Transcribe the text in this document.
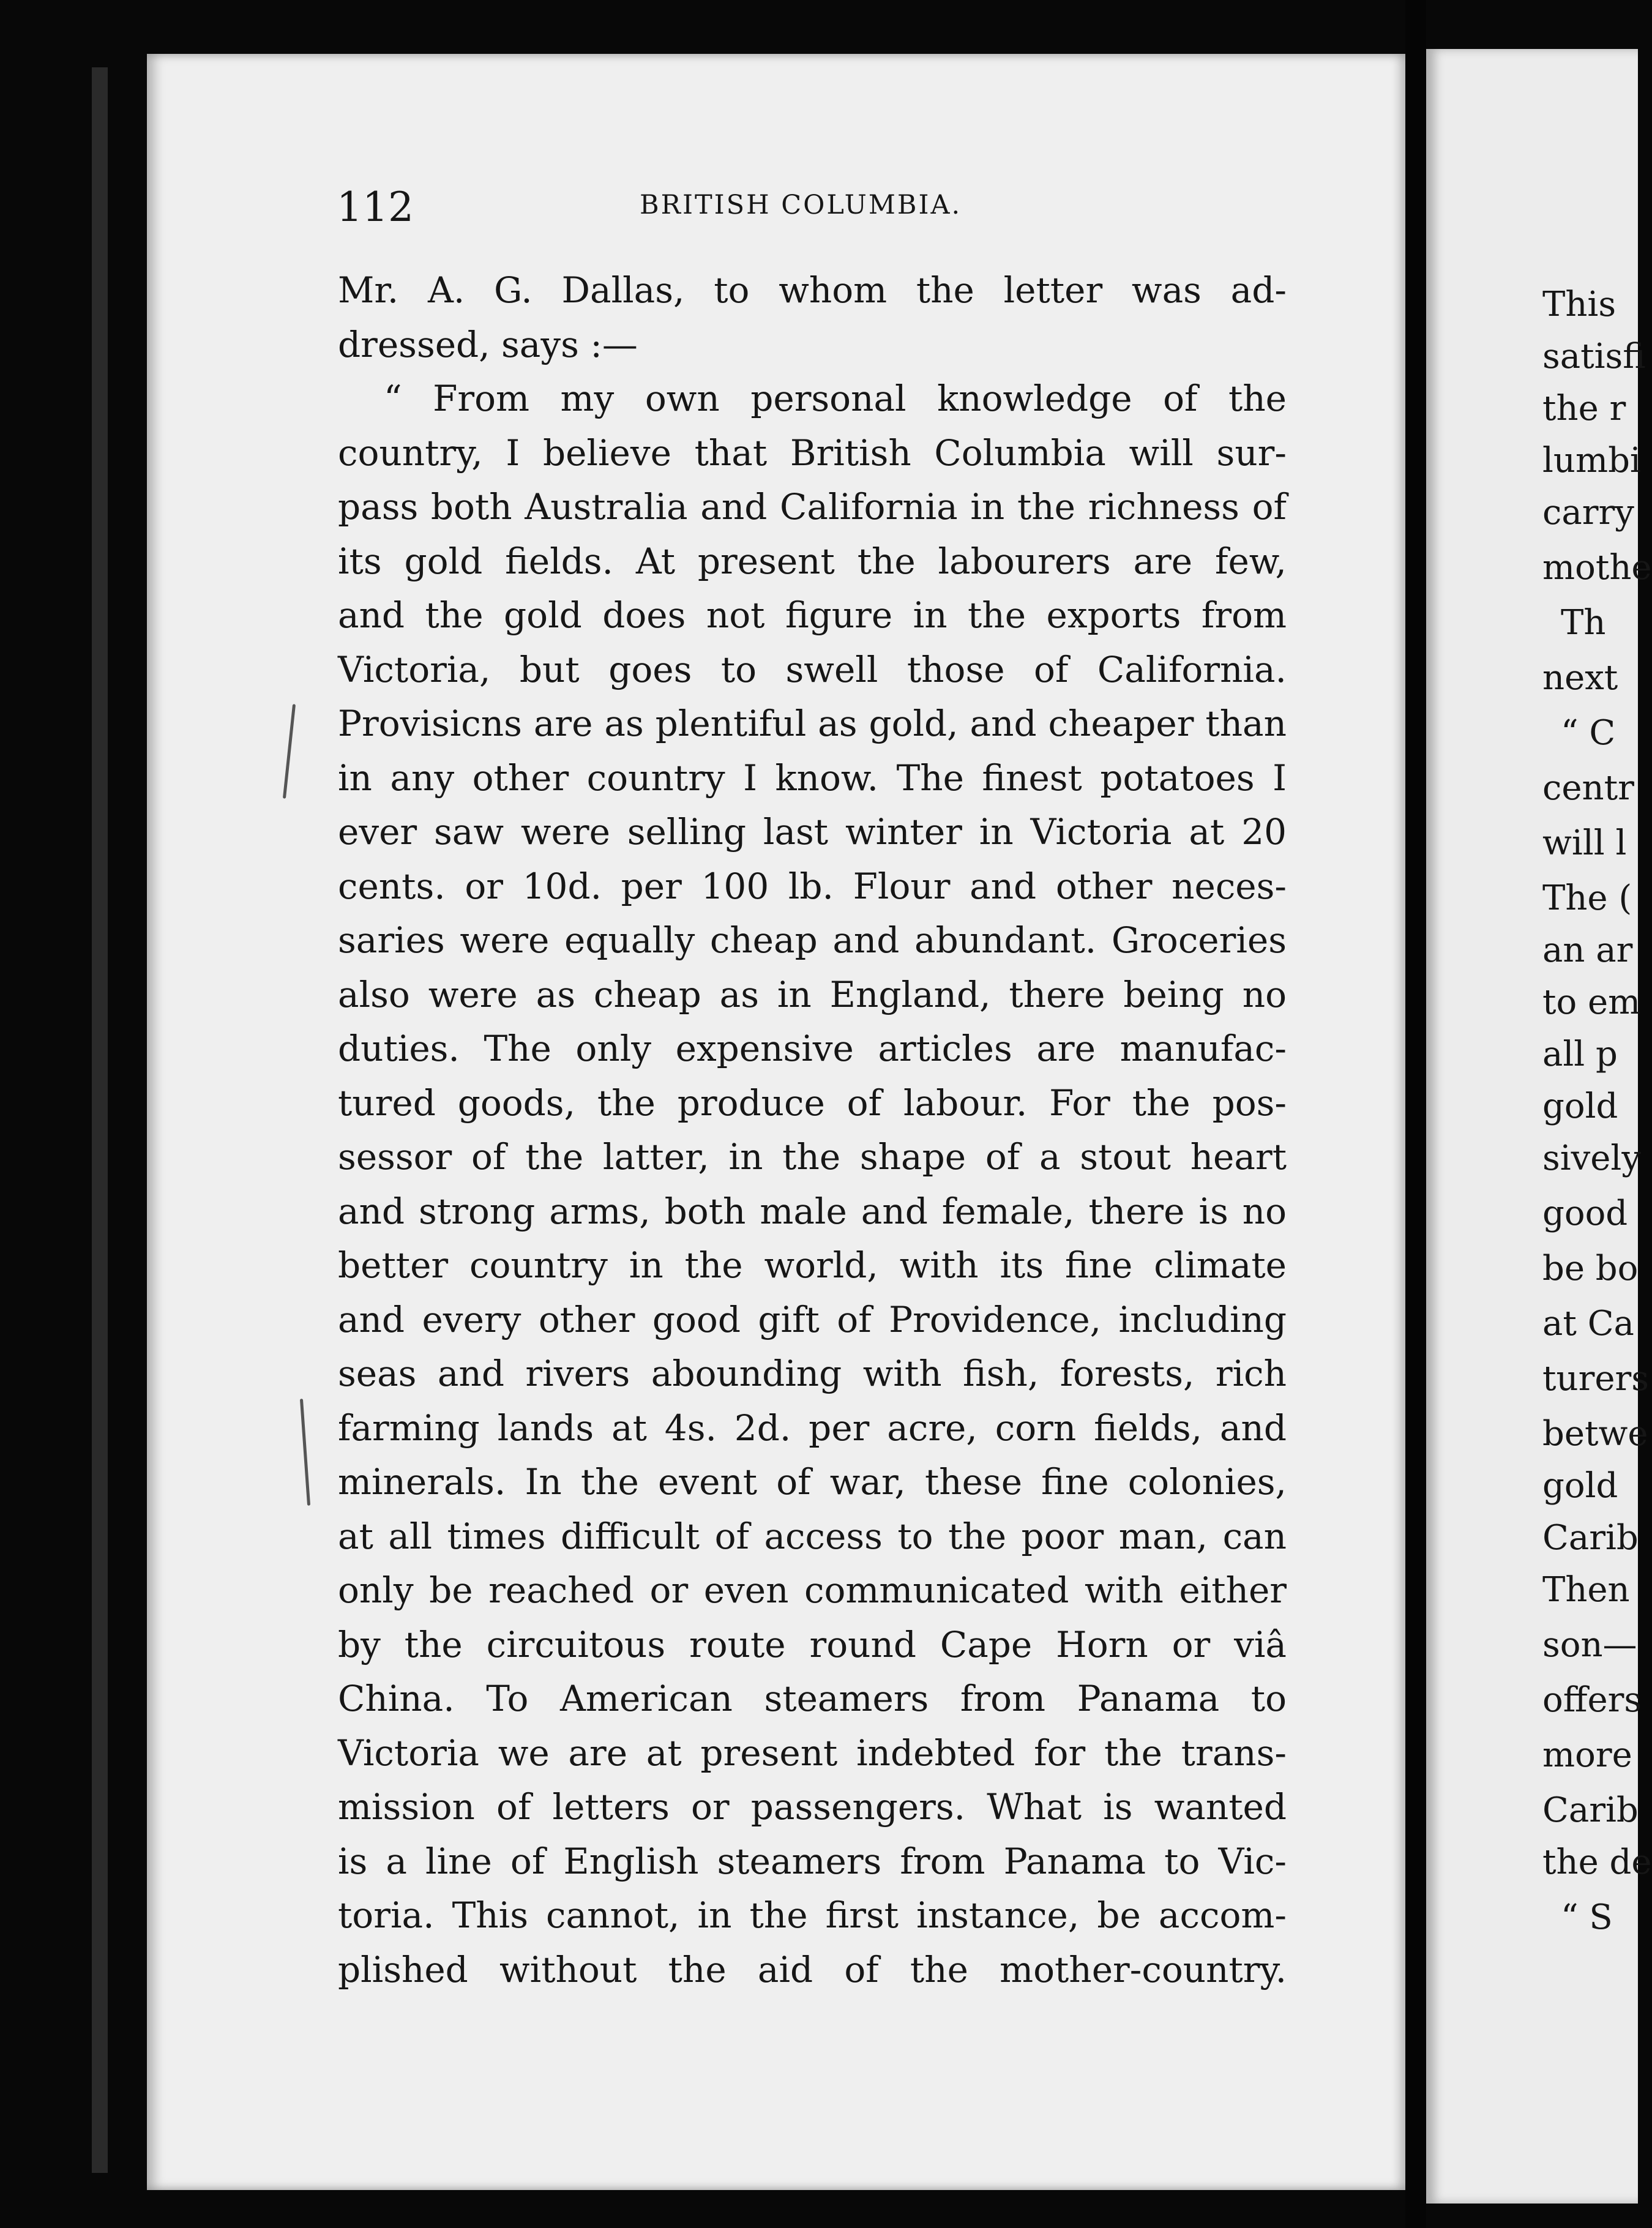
112	BRITISH COLUMBIA.
Mr. A. G. Dallas, to whom the letter was ad-
dressed, says :—
“ From my own personal knowledge of the
country, I believe that British Columbia will sur-
pass both Australia and California in the richness of
its gold fields. At present the labourers are few,
and the gold does not figure in the exports from
Victoria, but goes to swell those of California.
Provisicns are as plentiful as gold, and cheaper than
in any other country I know. The finest potatoes I
ever saw were selling last winter in Victoria at 20
cents. or 10d. per 100 lb. Flour and other neces-
saries were equally cheap and abundant. Groceries
also were as cheap as in England, there being no
duties. The only expensive articles are manufac-
tured goods, the produce of labour. For the pos-
sessor of the latter, in the shape of a stout heart
and strong arms, both male and female, there is no
better country in the world, with its fine climate
and every other good gift of Providence, including
seas and rivers abounding with fish, forests, rich
farming lands at 4s. 2d. per acre, corn fields, and
minerals. In the event of war, these fine colonies,
at all times difficult of access to the poor man, can
only be reached or even communicated with either
by the circuitous route round Cape Horn or viâ
China. To American steamers from Panama to
Victoria we are at present indebted for the trans-
mission of letters or passengers. What is wanted
is a line of English steamers from Panama to Vic-
toria. This cannot, in the first instance, be accom-
plished without the aid of the mother-country.
This
satisfi
the r
lumbi
carry
mothe
Th
next
“ C
centr
will l
The (
an ar
to em
all p
gold
sively
good
be bo
at Ca
turers
betwe
gold
Carib
Then
son—
offers
more
Carib
the de
“ S
